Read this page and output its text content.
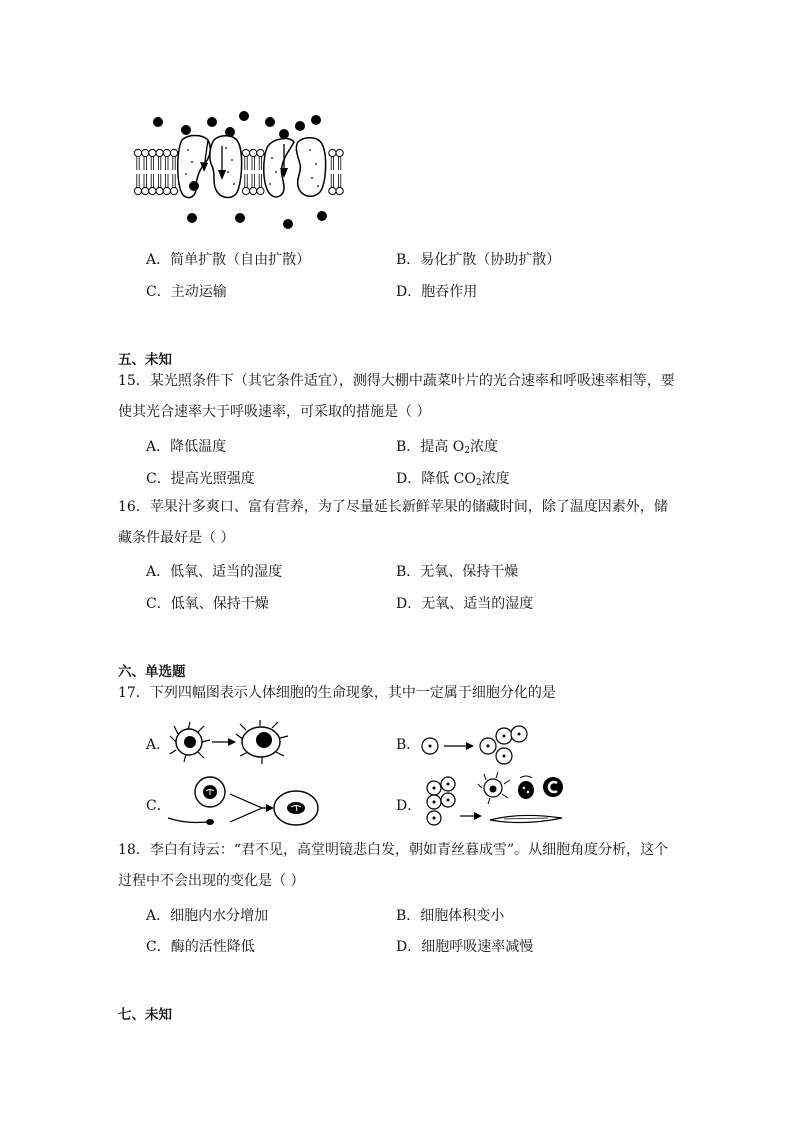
A．简单扩散（自由扩散）	B．易化扩散（协助扩散）
C．主动运输	D．胞吞作用
五、未知
15．某光照条件下（其它条件适宜），测得大棚中蔬菜叶片的光合速率和呼吸速率相等，要使其光合速率大于呼吸速率，可采取的措施是（ ）
A．降低温度	B．提高 $O_2$浓度
C．提高光照强度	D．降低 $CO_2$浓度
16．苹果汁多爽口、富有营养，为了尽量延长新鲜苹果的储藏时间，除了温度因素外，储藏条件最好是（ ）
A．低氧、适当的湿度	B．无氧、保持干燥
C．低氧、保持干燥	D．无氧、适当的湿度
六、单选题
17．下列四幅图表示人体细胞的生命现象，其中一定属于细胞分化的是
A．	B．
C．	D．
18．李白有诗云：“君不见，高堂明镜悲白发，朝如青丝暮成雪”。从细胞角度分析，这个过程中不会出现的变化是（ ）
A．细胞内水分增加	B．细胞体积变小
C．酶的活性降低	D．细胞呼吸速率减慢
七、未知
